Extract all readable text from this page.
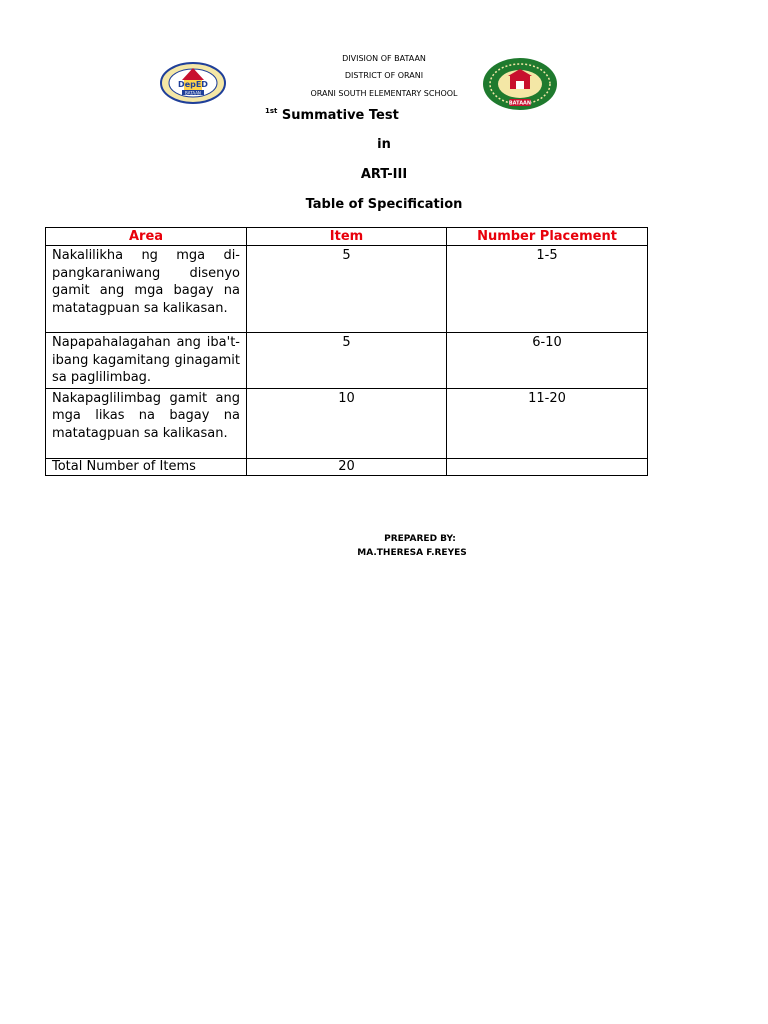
DepED
BATAAN
BATAAN
DIVISION OF BATAAN
DISTRICT OF ORANI
ORANI SOUTH ELEMENTARY SCHOOL
$^{1st}$ Summative Test
in
ART-III
Table of Specification
Area	Item	Number Placement
Nakalilikha ng mga di-pangkaraniwang disenyo gamit ang mga bagay na matatagpuan sa kalikasan.	5	1-5
Napapahalagahan ang iba't-ibang kagamitang ginagamit sa paglilimbag.	5	6-10
Nakapaglilimbag gamit ang mga likas na bagay na matatagpuan sa kalikasan.	10	11-20
Total Number of Items	20	
PREPARED BY:
MA.THERESA F.REYES
